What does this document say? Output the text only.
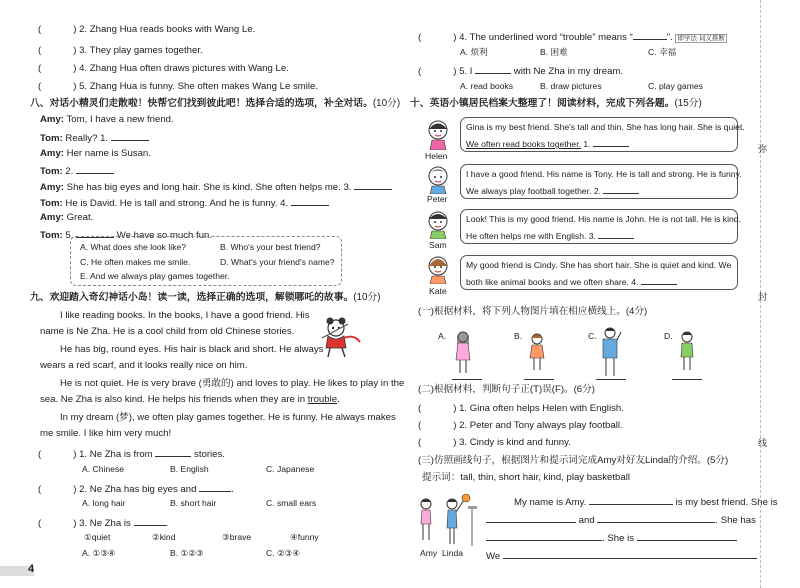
(	) 2. Zhang Hua reads books with Wang Le.
(	) 3. They play games together.
(	) 4. Zhang Hua often draws pictures with Wang Le.
(	) 5. Zhang Hua is funny. She often makes Wang Le smile.
八、对话小精灵们走散啦！快帮它们找到彼此吧！选择合适的选项，补全对话。(10分)
Amy: Tom, I have a new friend.
Tom: Really? 1.
Amy: Her name is Susan.
Tom: 2.
Amy: She has big eyes and long hair. She is kind. She often helps me. 3.
Tom: He is David. He is tall and strong. And he is funny. 4.
Amy: Great.
Tom: 5.	We have so much fun.
A. What does she look like?	B. Who's your best friend?
C. He often makes me smile.	D. What's your friend's name?
E. And we always play games together.
九、欢迎踏入奇幻神话小岛！读一读，选择正确的选项，解锁哪吒的故事。(10分)
I like reading books. In the books, I have a good friend. His
name is Ne Zha. He is a cool child from old Chinese stories.
He has big, round eyes. His hair is black and short. He always
wears a red scarf, and it looks really nice on him.
He is not quiet. He is very brave (勇敢的) and loves to play. He likes to play in the
sea. Ne Zha is also kind. He helps his friends when they are in trouble.
In my dream (梦), we often play games together. He is funny. He always makes
me smile. I like him very much!
(	) 1. Ne Zha is from	stories.
A. Chinese	B. English	C. Japanese
(	) 2. Ne Zha has big eyes and	.
A. long hair	B. short hair	C. small ears
(	) 3. Ne Zha is	.
①quiet	②kind	③brave	④funny
A. ①③④	B. ①②③	C. ②③④
4
(	) 4. The underlined word “trouble” means “	”. 即学法·词义推断
A. 烦利	B. 困难	C. 幸福
(	) 5. I	with Ne Zha in my dream.
A. read books	B. draw pictures	C. play games
十、英语小镇居民档案大整理了！阅读材料，完成下列各题。(15分)
Gina is my best friend. She's tall and thin. She has long hair. She is quiet.
We often read books together. 1.
I have a good friend. His name is Tony. He is tall and strong. He is funny.
We always play football together. 2.
Look! This is my good friend. His name is John. He is not tall. He is kind.
He often helps me with English. 3.
My good friend is Cindy. She has short hair. She is quiet and kind. We
both like animal books and we often share. 4.
Helen
Peter
Sam
Kate
(一)根据材料，将下列人物图片填在相应横线上。(4分)
A.	B.	C.	D.
(二)根据材料，判断句子正(T)误(F)。(6分)
(	) 1. Gina often helps Helen with English.
(	) 2. Peter and Tony always play football.
(	) 3. Cindy is kind and funny.
(三)仿照画线句子，根据图片和提示词完成Amy对好友Linda的介绍。(5分)
提示词：tall, thin, short hair, kind, play basketball
Amy Linda
My name is Amy.	is my best friend. She is
and	. She has
. She is
We
弥
封
线
